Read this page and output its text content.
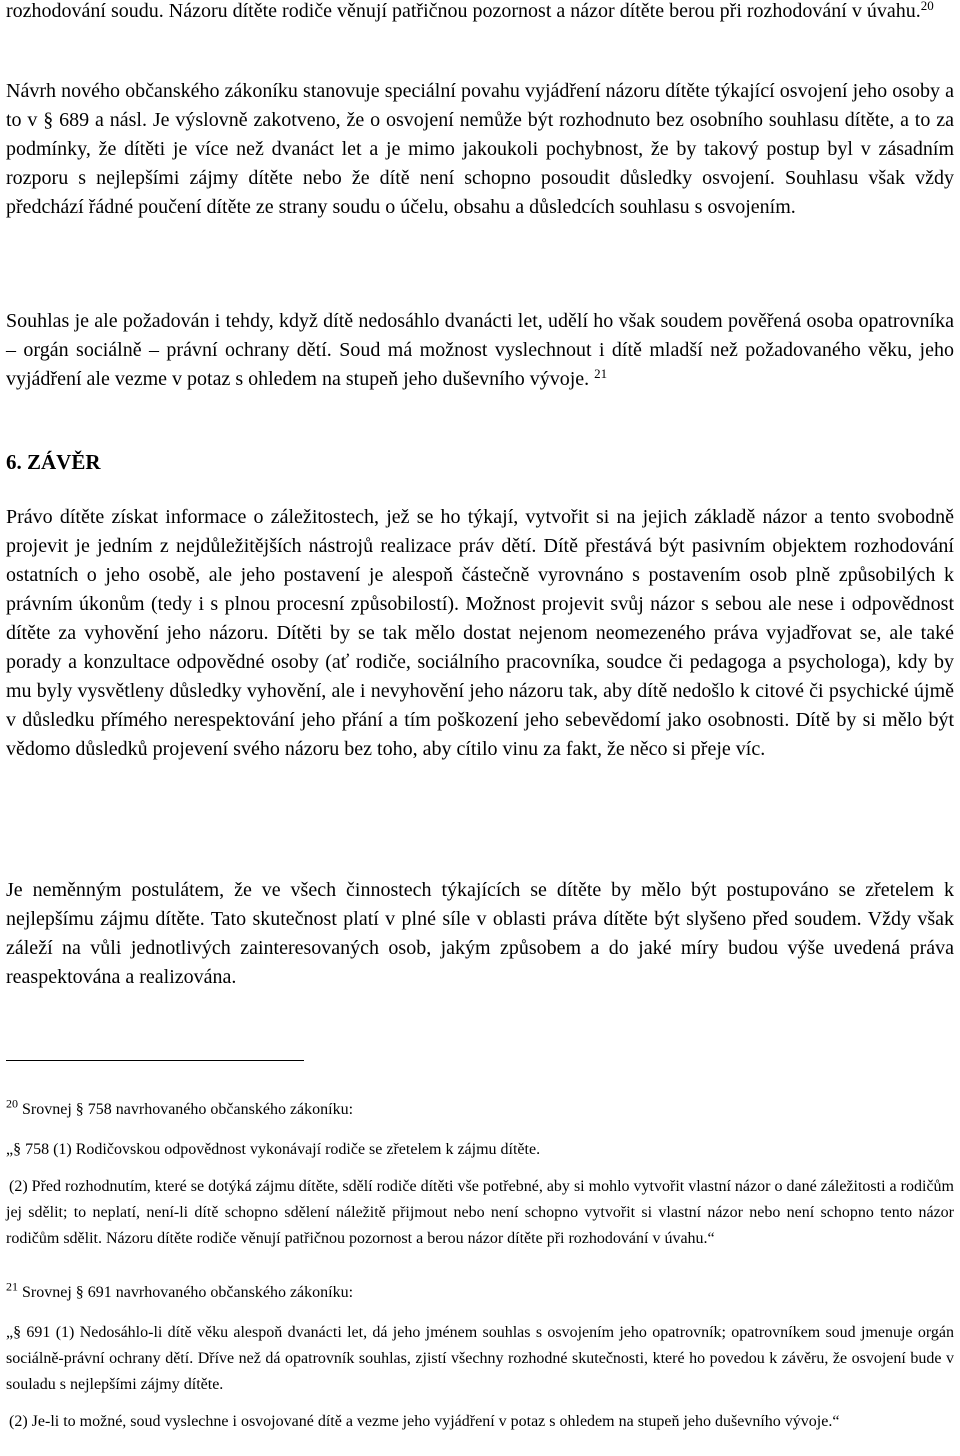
rozhodování soudu. Názoru dítěte rodiče věnují patřičnou pozornost a názor dítěte berou při rozhodování v úvahu.$^{20}$

Návrh nového občanského zákoníku stanovuje speciální povahu vyjádření názoru dítěte týkající osvojení jeho osoby a to v § 689 a násl. Je výslovně zakotveno, že o osvojení nemůže být rozhodnuto bez osobního souhlasu dítěte, a to za podmínky, že dítěti je více než dvanáct let a je mimo jakoukoli pochybnost, že by takový postup byl v zásadním rozporu s nejlepšími zájmy dítěte nebo že dítě není schopno posoudit důsledky osvojení. Souhlasu však vždy předchází řádné poučení dítěte ze strany soudu o účelu, obsahu a důsledcích souhlasu s osvojením.

Souhlas je ale požadován i tehdy, když dítě nedosáhlo dvanácti let, udělí ho však soudem pověřená osoba opatrovníka – orgán sociálně – právní ochrany dětí. Soud má možnost vyslechnout i dítě mladší než požadovaného věku, jeho vyjádření ale vezme v potaz s ohledem na stupeň jeho duševního vývoje. $^{21}$

6. ZÁVĚR

Právo dítěte získat informace o záležitostech, jež se ho týkají, vytvořit si na jejich základě názor a tento svobodně projevit je jedním z nejdůležitějších nástrojů realizace práv dětí. Dítě přestává být pasivním objektem rozhodování ostatních o jeho osobě, ale jeho postavení je alespoň částečně vyrovnáno s postavením osob plně způsobilých k právním úkonům (tedy i s plnou procesní způsobilostí). Možnost projevit svůj názor s sebou ale nese i odpovědnost dítěte za vyhovění jeho názoru. Dítěti by se tak mělo dostat nejenom neomezeného práva vyjadřovat se, ale také porady a konzultace odpovědné osoby (ať rodiče, sociálního pracovníka, soudce či pedagoga a psychologa), kdy by mu byly vysvětleny důsledky vyhovění, ale i nevyhovění jeho názoru tak, aby dítě nedošlo k citové či psychické újmě v důsledku přímého nerespektování jeho přání a tím poškození jeho sebevědomí jako osobnosti. Dítě by si mělo být vědomo důsledků projevení svého názoru bez toho, aby cítilo vinu za fakt, že něco si přeje víc.

Je neměnným postulátem, že ve všech činnostech týkajících se dítěte by mělo být postupováno se zřetelem k nejlepšímu zájmu dítěte. Tato skutečnost platí v plné síle v oblasti práva dítěte být slyšeno před soudem. Vždy však záleží na vůli jednotlivých zainteresovaných osob, jakým způsobem a do jaké míry budou výše uvedená práva reaspektována a realizována.

$^{20}$ Srovnej § 758 navrhovaného občanského zákoníku:

„§ 758 (1) Rodičovskou odpovědnost vykonávají rodiče se zřetelem k zájmu dítěte.

(2) Před rozhodnutím, které se dotýká zájmu dítěte, sdělí rodiče dítěti vše potřebné, aby si mohlo vytvořit vlastní názor o dané záležitosti a rodičům jej sdělit; to neplatí, není-li dítě schopno sdělení náležitě přijmout nebo není schopno vytvořit si vlastní názor nebo není schopno tento názor rodičům sdělit. Názoru dítěte rodiče věnují patřičnou pozornost a berou názor dítěte při rozhodování v úvahu.“

$^{21}$ Srovnej § 691 navrhovaného občanského zákoníku:

„§ 691 (1) Nedosáhlo-li dítě věku alespoň dvanácti let, dá jeho jménem souhlas s osvojením jeho opatrovník; opatrovníkem soud jmenuje orgán sociálně-právní ochrany dětí. Dříve než dá opatrovník souhlas, zjistí všechny rozhodné skutečnosti, které ho povedou k závěru, že osvojení bude v souladu s nejlepšími zájmy dítěte.

(2) Je-li to možné, soud vyslechne i osvojované dítě a vezme jeho vyjádření v potaz s ohledem na stupeň jeho duševního vývoje.“
